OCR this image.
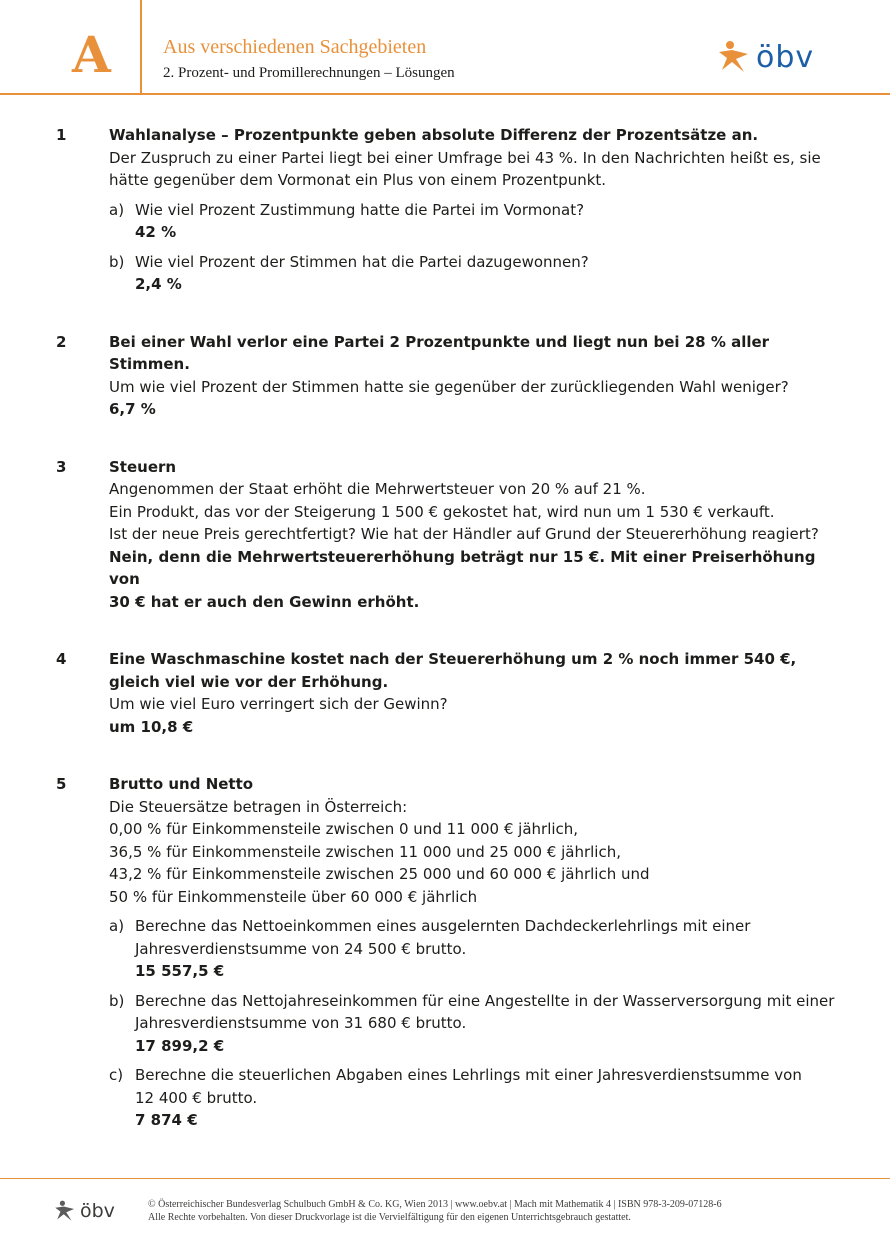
A	Aus verschiedenen Sachgebieten
2. Prozent- und Promillerechnungen – Lösungen	öbv
1	Wahlanalyse – Prozentpunkte geben absolute Differenz der Prozentsätze an.

Der Zuspruch zu einer Partei liegt bei einer Umfrage bei 43 %. In den Nachrichten heißt es, sie

hätte gegenüber dem Vormonat ein Plus von einem Prozentpunkt.

a) Wie viel Prozent Zustimmung hatte die Partei im Vormonat?

42 %

b) Wie viel Prozent der Stimmen hat die Partei dazugewonnen?

2,4 %

2	Bei einer Wahl verlor eine Partei 2 Prozentpunkte und liegt nun bei 28 % aller Stimmen.

Um wie viel Prozent der Stimmen hatte sie gegenüber der zurückliegenden Wahl weniger?

6,7 %

3	Steuern

Angenommen der Staat erhöht die Mehrwertsteuer von 20 % auf 21 %.

Ein Produkt, das vor der Steigerung 1 500 € gekostet hat, wird nun um 1 530 € verkauft.

Ist der neue Preis gerechtfertigt? Wie hat der Händler auf Grund der Steuererhöhung reagiert?

Nein, denn die Mehrwertsteuererhöhung beträgt nur 15 €. Mit einer Preiserhöhung von

30 € hat er auch den Gewinn erhöht.

4	Eine Waschmaschine kostet nach der Steuererhöhung um 2 % noch immer 540 €,

gleich viel wie vor der Erhöhung.

Um wie viel Euro verringert sich der Gewinn?

um 10,8 €

5	Brutto und Netto

Die Steuersätze betragen in Österreich:

0,00 % für Einkommensteile zwischen 0 und 11 000 € jährlich,

36,5 % für Einkommensteile zwischen 11 000 und 25 000 € jährlich,

43,2 % für Einkommensteile zwischen 25 000 und 60 000 € jährlich und

50 % für Einkommensteile über 60 000 € jährlich

a) Berechne das Nettoeinkommen eines ausgelernten Dachdeckerlehrlings mit einer

Jahresverdienstsumme von 24 500 € brutto.

15 557,5 €

b) Berechne das Nettojahreseinkommen für eine Angestellte in der Wasserversorgung mit einer

Jahresverdienstsumme von 31 680 € brutto.

17 899,2 €

c) Berechne die steuerlichen Abgaben eines Lehrlings mit einer Jahresverdienstsumme von

12 400 € brutto.

7 874 €

öbv	© Österreichischer Bundesverlag Schulbuch GmbH & Co. KG, Wien 2013 | www.oebv.at | Mach mit Mathematik 4 | ISBN 978-3-209-07128-6
Alle Rechte vorbehalten. Von dieser Druckvorlage ist die Vervielfältigung für den eigenen Unterrichtsgebrauch gestattet.
